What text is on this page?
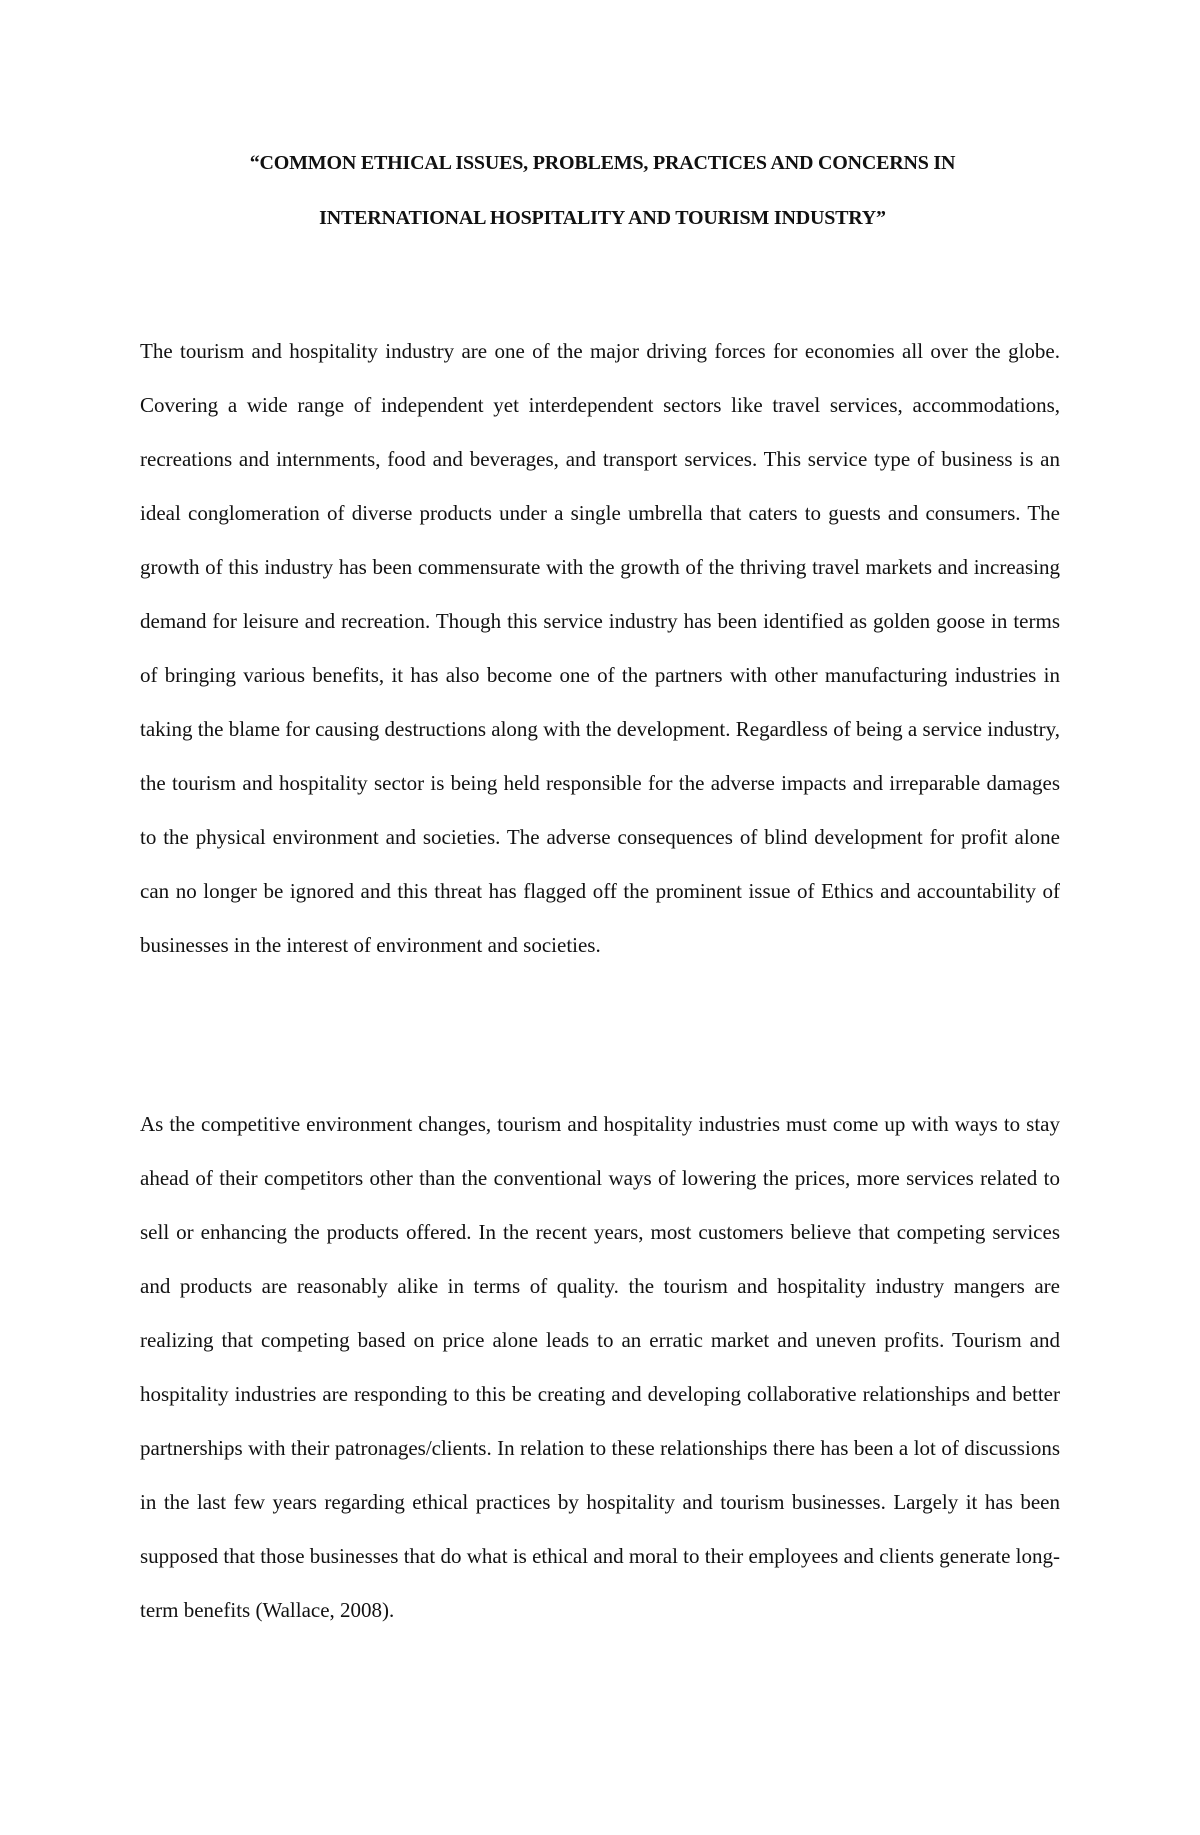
“COMMON ETHICAL ISSUES, PROBLEMS, PRACTICES AND CONCERNS IN
INTERNATIONAL HOSPITALITY AND TOURISM INDUSTRY”

The tourism and hospitality industry are one of the major driving forces for economies all over the globe. Covering a wide range of independent yet interdependent sectors like travel services, accommodations, recreations and internments, food and beverages, and transport services. This service type of business is an ideal conglomeration of diverse products under a single umbrella that caters to guests and consumers. The growth of this industry has been commensurate with the growth of the thriving travel markets and increasing demand for leisure and recreation. Though this service industry has been identified as golden goose in terms of bringing various benefits, it has also become one of the partners with other manufacturing industries in taking the blame for causing destructions along with the development. Regardless of being a service industry, the tourism and hospitality sector is being held responsible for the adverse impacts and irreparable damages to the physical environment and societies. The adverse consequences of blind development for profit alone can no longer be ignored and this threat has flagged off the prominent issue of Ethics and accountability of businesses in the interest of environment and societies.

As the competitive environment changes, tourism and hospitality industries must come up with ways to stay ahead of their competitors other than the conventional ways of lowering the prices, more services related to sell or enhancing the products offered. In the recent years, most customers believe that competing services and products are reasonably alike in terms of quality. the tourism and hospitality industry mangers are realizing that competing based on price alone leads to an erratic market and uneven profits. Tourism and hospitality industries are responding to this be creating and developing collaborative relationships and better partnerships with their patronages/clients. In relation to these relationships there has been a lot of discussions in the last few years regarding ethical practices by hospitality and tourism businesses. Largely it has been supposed that those businesses that do what is ethical and moral to their employees and clients generate long-term benefits (Wallace, 2008).
